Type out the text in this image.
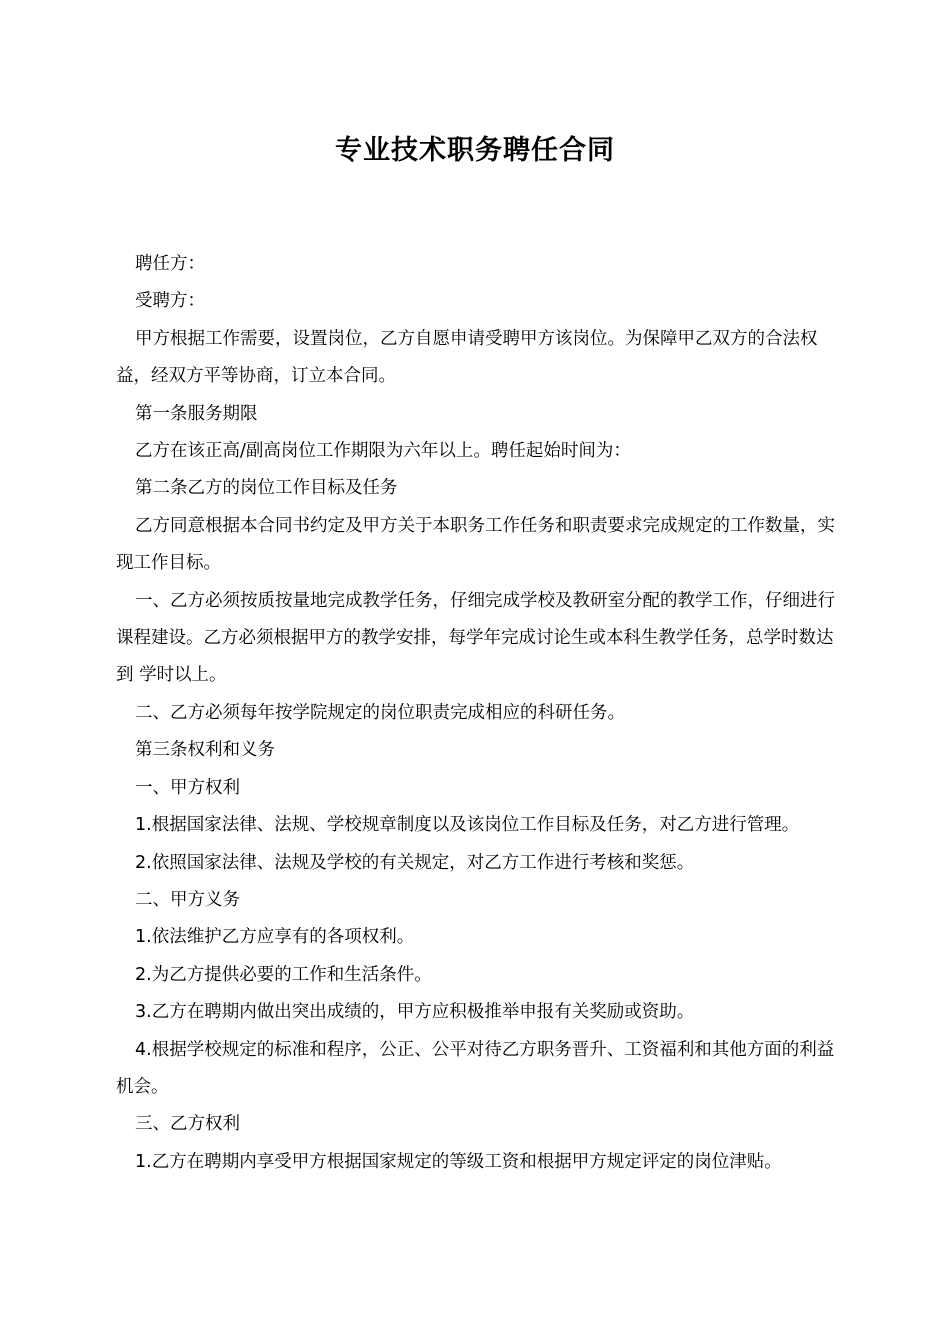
专业技术职务聘任合同

聘任方：

受聘方：

甲方根据工作需要，设置岗位，乙方自愿申请受聘甲方该岗位。为保障甲乙双方的合法权益，经双方平等协商，订立本合同。

第一条服务期限

乙方在该正高/副高岗位工作期限为六年以上。聘任起始时间为：

第二条乙方的岗位工作目标及任务

乙方同意根据本合同书约定及甲方关于本职务工作任务和职责要求完成规定的工作数量，实现工作目标。

一、乙方必须按质按量地完成教学任务，仔细完成学校及教研室分配的教学工作，仔细进行课程建设。乙方必须根据甲方的教学安排，每学年完成讨论生或本科生教学任务，总学时数达到 学时以上。

二、乙方必须每年按学院规定的岗位职责完成相应的科研任务。

第三条权利和义务

一、甲方权利

1.根据国家法律、法规、学校规章制度以及该岗位工作目标及任务，对乙方进行管理。

2.依照国家法律、法规及学校的有关规定，对乙方工作进行考核和奖惩。

二、甲方义务

1.依法维护乙方应享有的各项权利。

2.为乙方提供必要的工作和生活条件。

3.乙方在聘期内做出突出成绩的，甲方应积极推举申报有关奖励或资助。

4.根据学校规定的标准和程序，公正、公平对待乙方职务晋升、工资福利和其他方面的利益机会。

三、乙方权利

1.乙方在聘期内享受甲方根据国家规定的等级工资和根据甲方规定评定的岗位津贴。
